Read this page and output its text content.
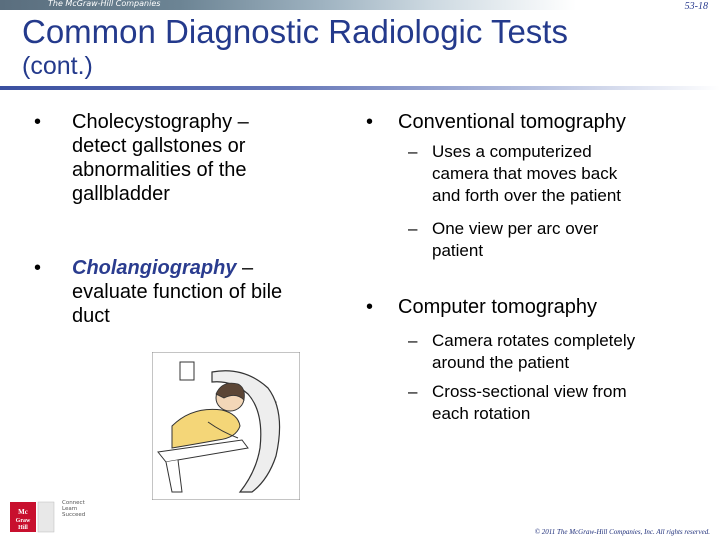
The McGraw-Hill Companies	53-18
Common Diagnostic Radiologic Tests
(cont.)
•	Cholecystography –
detect gallstones or
abnormalities of the
gallbladder
•	Cholangiography –
evaluate function of bile
duct
•	Conventional tomography
– Uses a computerized
camera that moves back
and forth over the patient
– One view per arc over
patient
•	Computer tomography
– Camera rotates completely
around the patient
– Cross-sectional view from
each rotation
Mc
Graw
Hill
Connect
Learn
Succeed
© 2011 The McGraw-Hill Companies, Inc. All rights reserved.
